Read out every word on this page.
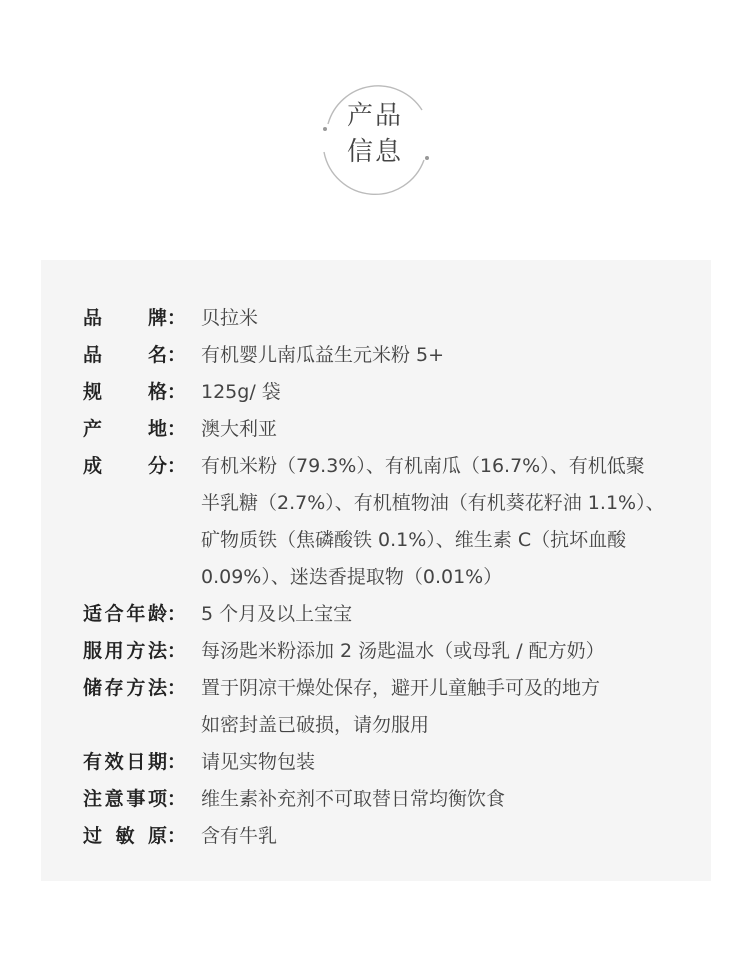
产品
信息
品 牌 ： 贝拉米
品 名 ： 有机婴儿南瓜益生元米粉 5+
规 格 ： 125g/ 袋
产 地 ： 澳大利亚
成 分 ： 有机米粉（79.3%）、有机南瓜（16.7%）、有机低聚
半乳糖（2.7%）、有机植物油（有机葵花籽油 1.1%）、
矿物质铁（焦磷酸铁 0.1%）、维生素 C（抗坏血酸
0.09%）、迷迭香提取物（0.01%）
适 合 年 龄 ： 5 个月及以上宝宝
服 用 方 法 ： 每汤匙米粉添加 2 汤匙温水（或母乳 / 配方奶）
储 存 方 法 ： 置于阴凉干燥处保存，避开儿童触手可及的地方
如密封盖已破损，请勿服用
有 效 日 期 ： 请见实物包装
注 意 事 项 ： 维生素补充剂不可取替日常均衡饮食
过 敏 原 ： 含有牛乳
